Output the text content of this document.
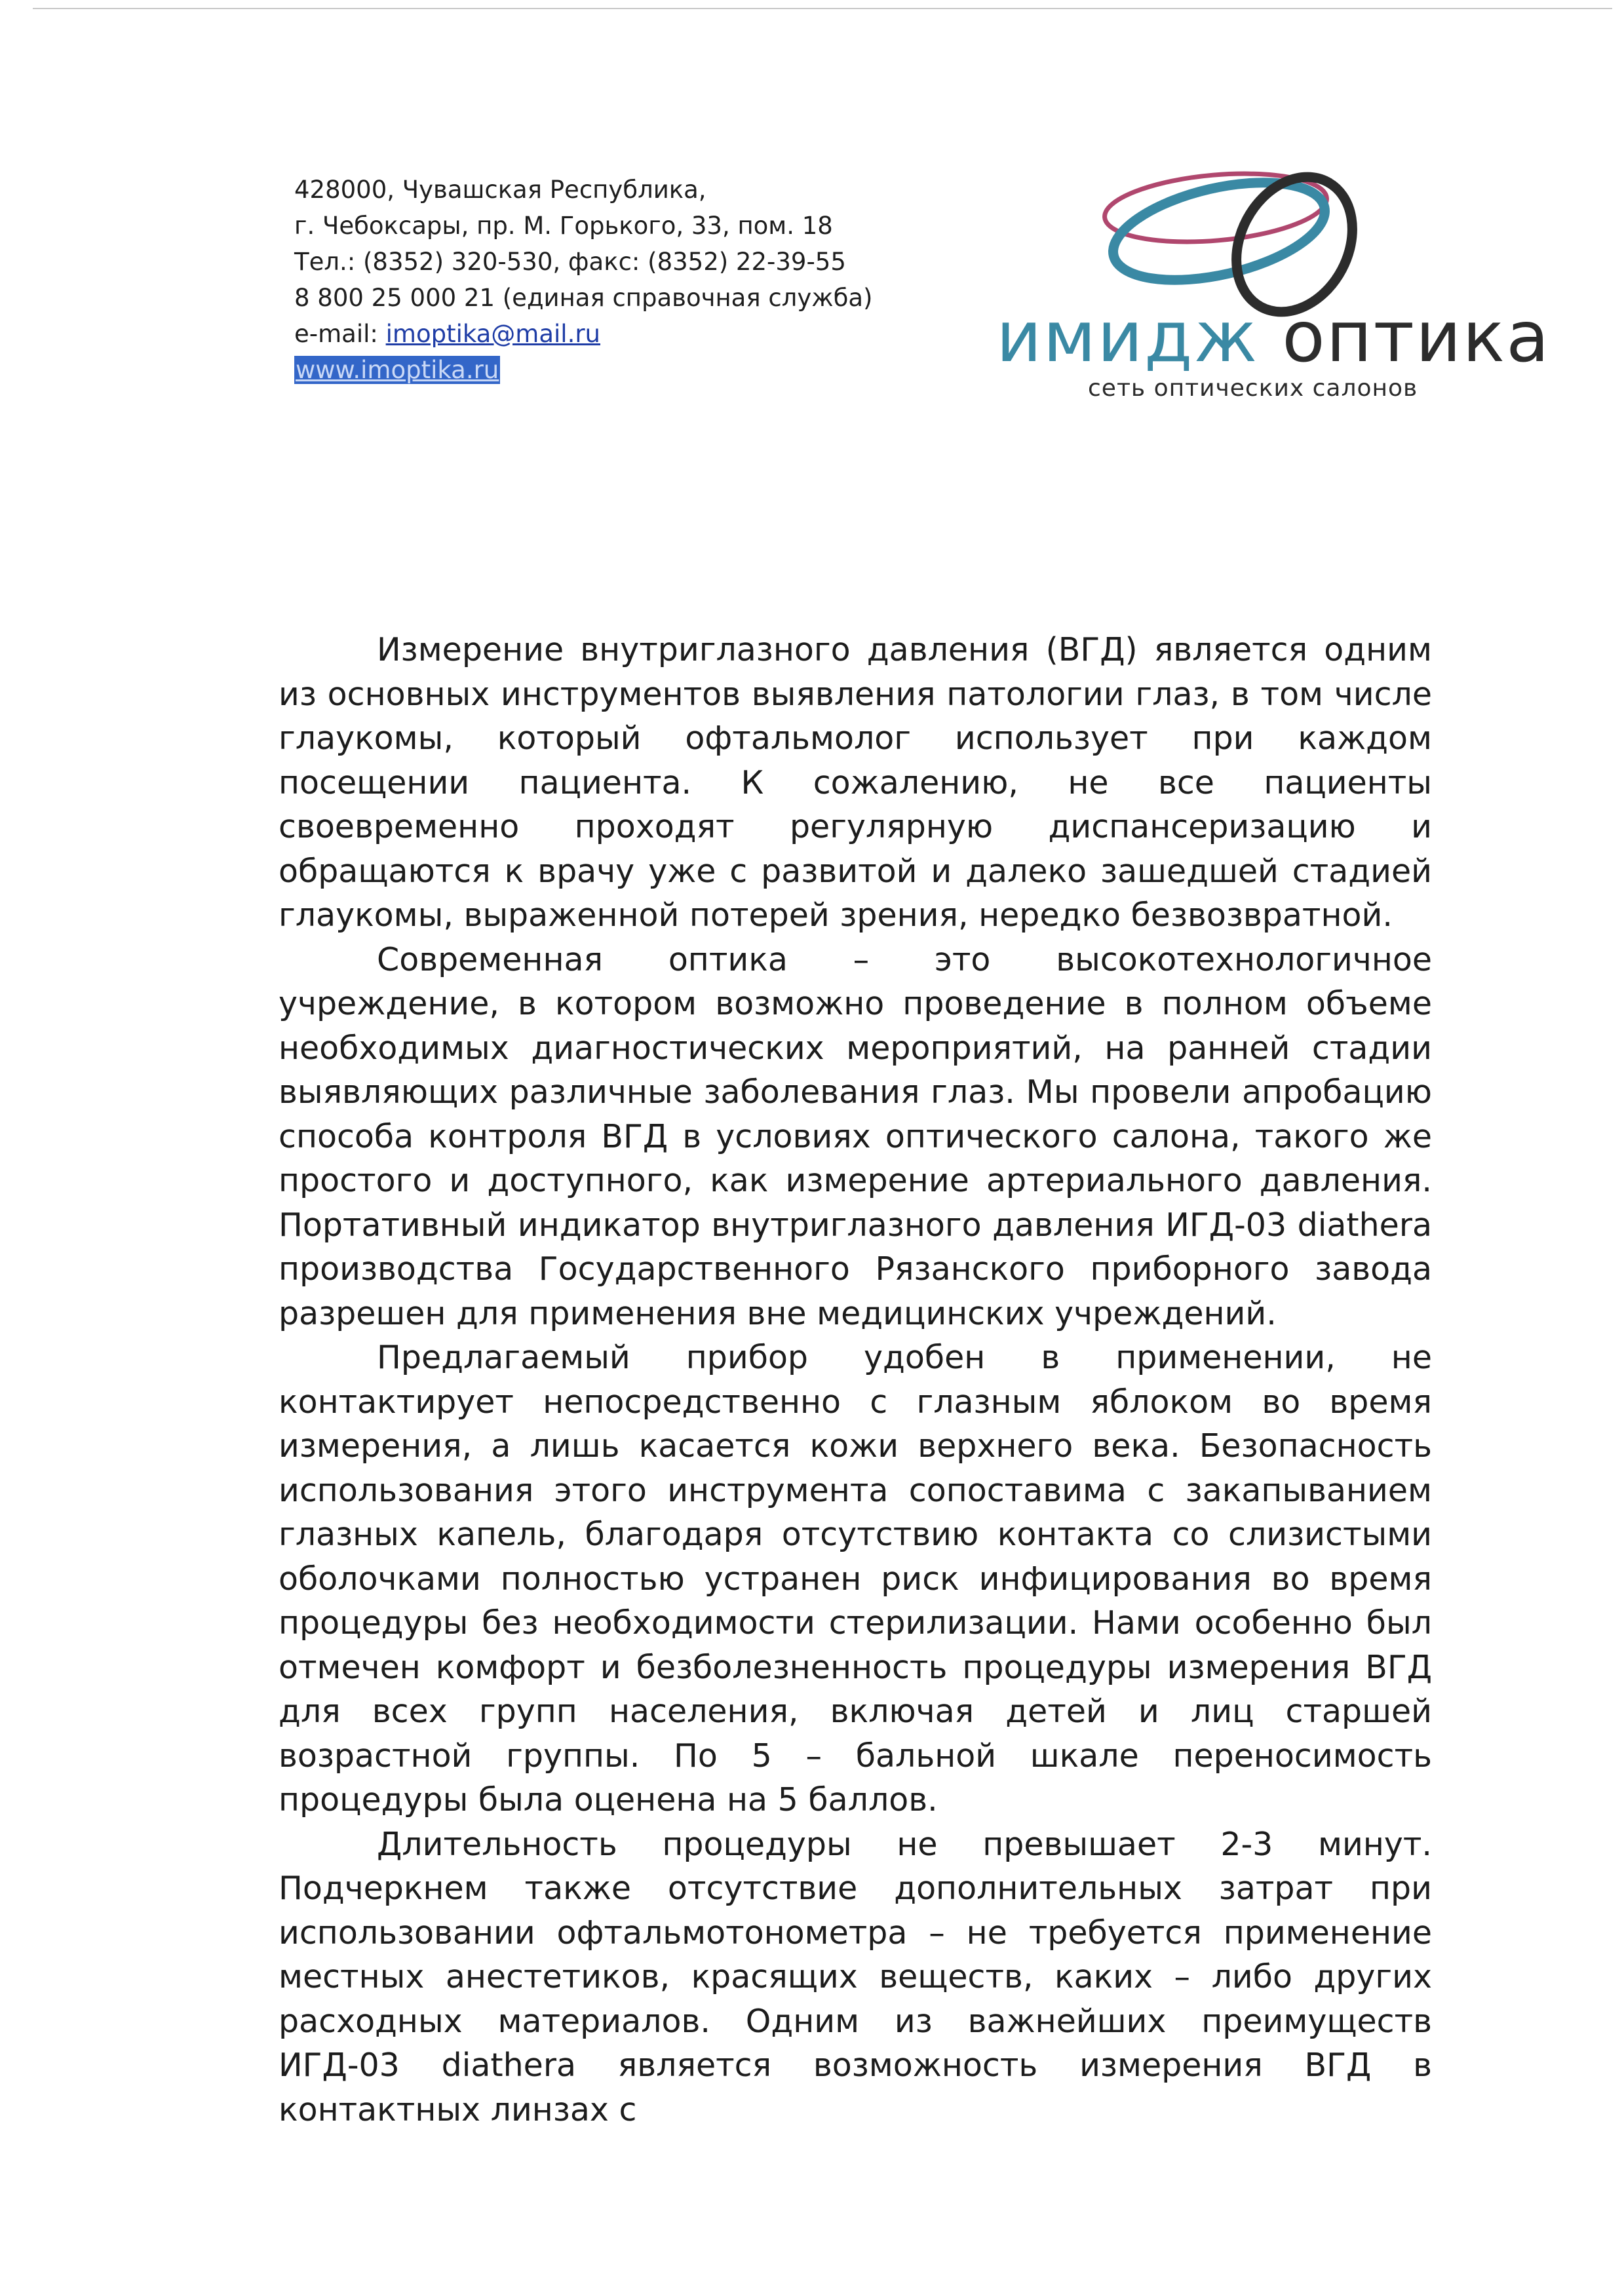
428000, Чувашская Республика,
г. Чебоксары, пр. М. Горького, 33, пом. 18
Тел.: (8352) 320-530, факс: (8352) 22-39-55
8 800 25 000 21 (единая справочная служба)
e-mail: imoptika@mail.ru
www.imoptika.ru	имидж оптика
сеть оптических салонов

Измерение внутриглазного давления (ВГД) является одним из основных инструментов выявления патологии глаз, в том числе глаукомы, который офтальмолог использует при каждом посещении пациента. К сожалению, не все пациенты своевременно проходят регулярную диспансеризацию и обращаются к врачу уже с развитой и далеко зашедшей стадией глаукомы, выраженной потерей зрения, нередко безвозвратной.

Современная оптика – это высокотехнологичное учреждение, в котором возможно проведение в полном объеме необходимых диагностических мероприятий, на ранней стадии выявляющих различные заболевания глаз. Мы провели апробацию способа контроля ВГД в условиях оптического салона, такого же простого и доступного, как измерение артериального давления. Портативный индикатор внутриглазного давления ИГД-03 diathera производства Государственного Рязанского приборного завода разрешен для применения вне медицинских учреждений.

Предлагаемый прибор удобен в применении, не контактирует непосредственно с глазным яблоком во время измерения, а лишь касается кожи верхнего века. Безопасность использования этого инструмента сопоставима с закапыванием глазных капель, благодаря отсутствию контакта со слизистыми оболочками полностью устранен риск инфицирования во время процедуры без необходимости стерилизации. Нами особенно был отмечен комфорт и безболезненность процедуры измерения ВГД для всех групп населения, включая детей и лиц старшей возрастной группы. По 5 – бальной шкале переносимость процедуры была оценена на 5 баллов.

Длительность процедуры не превышает 2-3 минут. Подчеркнем также отсутствие дополнительных затрат при использовании офтальмотонометра – не требуется применение местных анестетиков, красящих веществ, каких – либо других расходных материалов. Одним из важнейших преимуществ ИГД-03 diathera является возможность измерения ВГД в контактных линзах с
